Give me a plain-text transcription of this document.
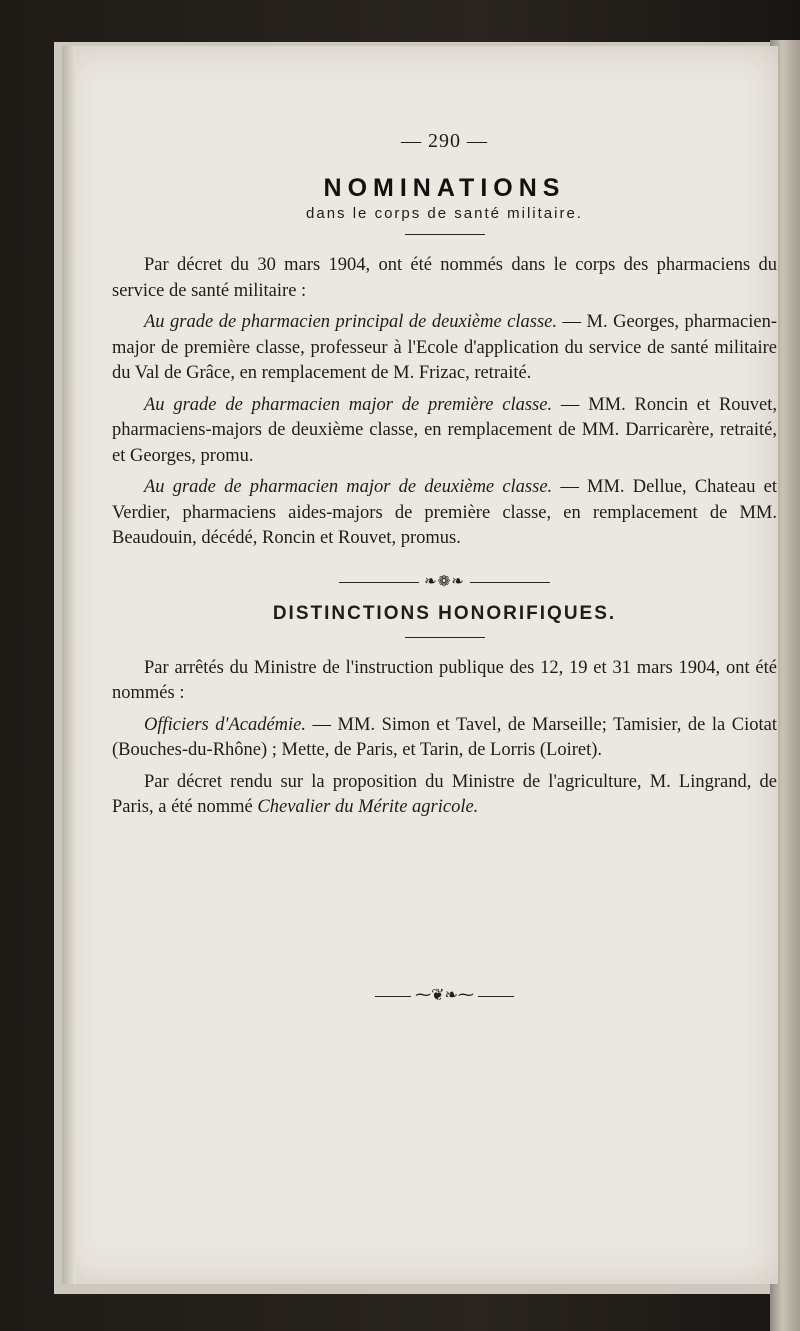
— 290 —
NOMINATIONS
dans le corps de santé militaire.

Par décret du 30 mars 1904, ont été nommés dans le corps des pharmaciens du service de santé militaire :

Au grade de pharmacien principal de deuxième classe. — M. Georges, pharmacien-major de première classe, professeur à l'Ecole d'application du service de santé militaire du Val de Grâce, en remplacement de M. Frizac, retraité.

Au grade de pharmacien major de première classe. — MM. Roncin et Rouvet, pharmaciens-majors de deuxième classe, en remplacement de MM. Darricarère, retraité, et Georges, promu.

Au grade de pharmacien major de deuxième classe. — MM. Dellue, Chateau et Verdier, pharmaciens aides-majors de première classe, en remplacement de MM. Beaudouin, décédé, Roncin et Rouvet, promus.

❧❁❧
DISTINCTIONS HONORIFIQUES.

Par arrêtés du Ministre de l'instruction publique des 12, 19 et 31 mars 1904, ont été nommés :

Officiers d'Académie. — MM. Simon et Tavel, de Marseille; Tamisier, de la Ciotat (Bouches-du-Rhône) ; Mette, de Paris, et Tarin, de Lorris (Loiret).

Par décret rendu sur la proposition du Ministre de l'agriculture, M. Lingrand, de Paris, a été nommé Chevalier du Mérite agricole.

⁓❦❧⁓
